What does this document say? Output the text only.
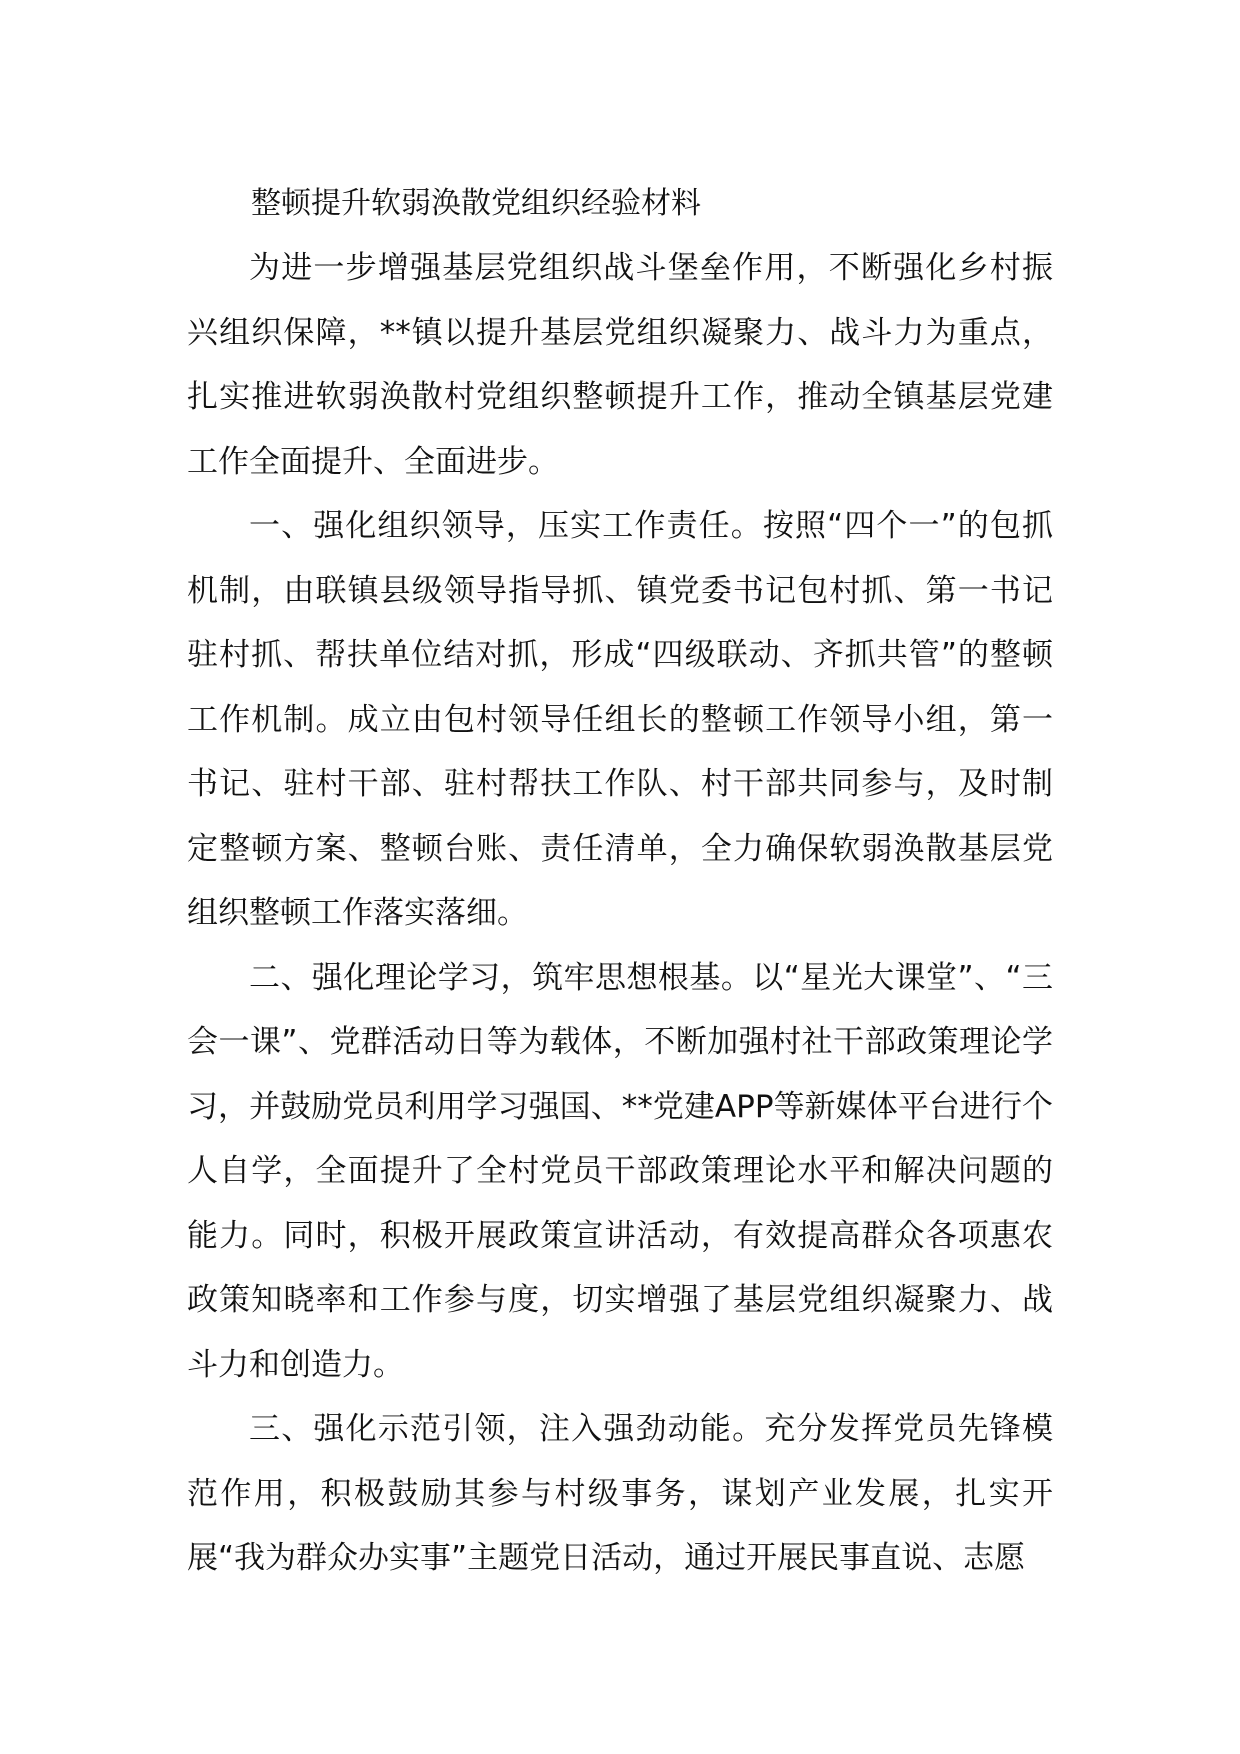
整顿提升软弱涣散党组织经验材料

为进一步增强基层党组织战斗堡垒作用，不断强化乡村振兴组织保障，**镇以提升基层党组织凝聚力、战斗力为重点，扎实推进软弱涣散村党组织整顿提升工作，推动全镇基层党建工作全面提升、全面进步。

一、强化组织领导，压实工作责任。按照“四个一”的包抓机制，由联镇县级领导指导抓、镇党委书记包村抓、第一书记驻村抓、帮扶单位结对抓，形成“四级联动、齐抓共管”的整顿工作机制。成立由包村领导任组长的整顿工作领导小组，第一书记、驻村干部、驻村帮扶工作队、村干部共同参与，及时制定整顿方案、整顿台账、责任清单，全力确保软弱涣散基层党组织整顿工作落实落细。

二、强化理论学习，筑牢思想根基。以“星光大课堂”、“三会一课”、党群活动日等为载体，不断加强村社干部政策理论学习，并鼓励党员利用学习强国、**党建APP等新媒体平台进行个人自学，全面提升了全村党员干部政策理论水平和解决问题的能力。同时，积极开展政策宣讲活动，有效提高群众各项惠农政策知晓率和工作参与度，切实增强了基层党组织凝聚力、战斗力和创造力。

三、强化示范引领，注入强劲动能。充分发挥党员先锋模范作用，积极鼓励其参与村级事务，谋划产业发展，扎实开展“我为群众办实事”主题党日活动，通过开展民事直说、志愿
